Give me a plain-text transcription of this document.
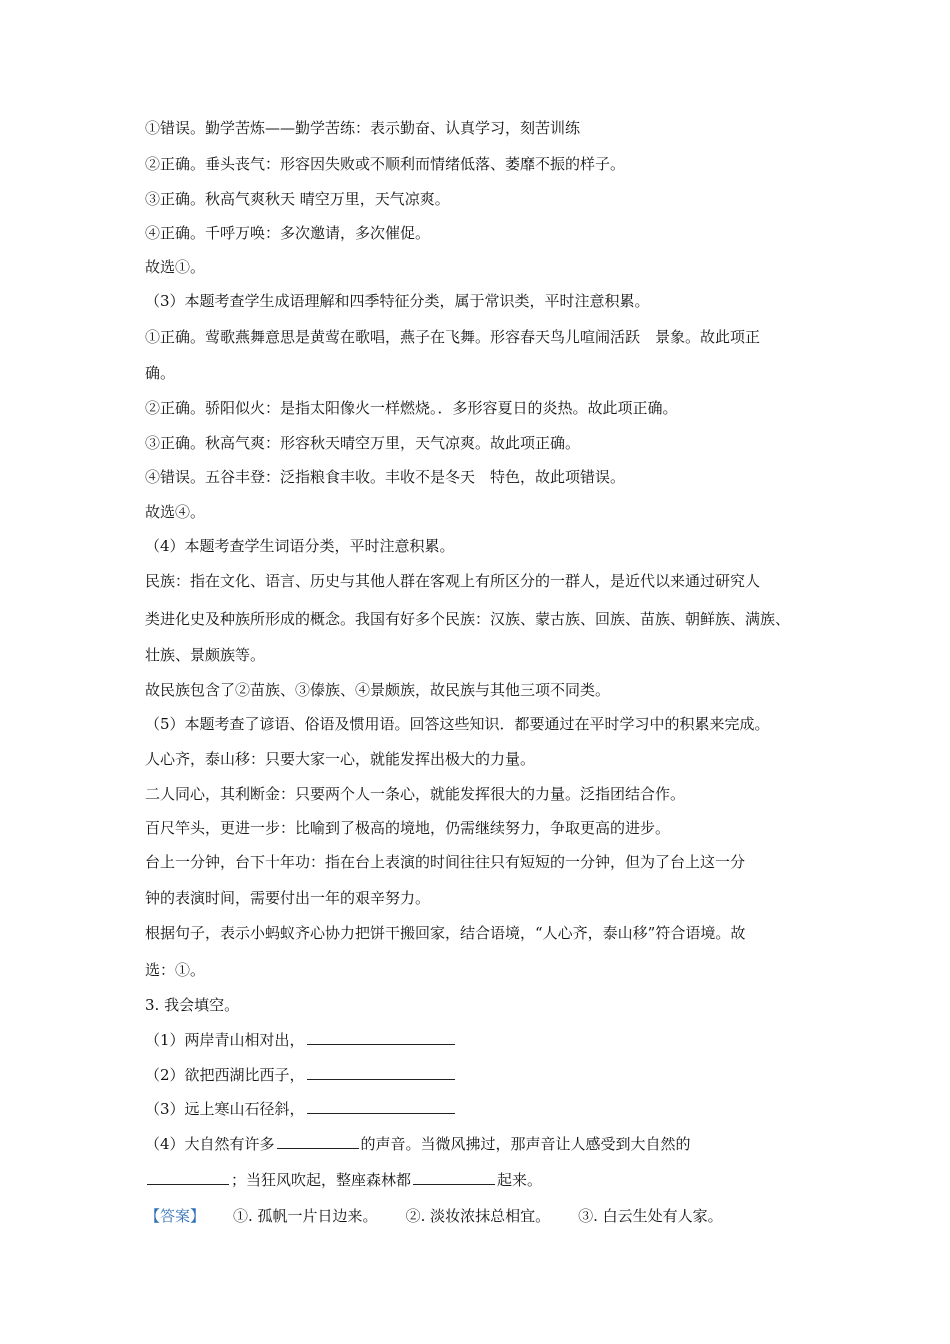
①错误。勤学苦炼——勤学苦练：表示勤奋、认真学习，刻苦训练
②正确。垂头丧气：形容因失败或不顺利而情绪低落、萎靡不振的样子。
③正确。秋高气爽秋天 晴空万里，天气凉爽。
④正确。千呼万唤：多次邀请，多次催促。
故选①。
（3）本题考查学生成语理解和四季特征分类，属于常识类，平时注意积累。
①正确。莺歌燕舞意思是黄莺在歌唱，燕子在飞舞。形容春天鸟儿喧闹活跃　景象。故此项正
确。
②正确。骄阳似火：是指太阳像火一样燃烧。．多形容夏日的炎热。故此项正确。
③正确。秋高气爽：形容秋天晴空万里，天气凉爽。故此项正确。
④错误。五谷丰登：泛指粮食丰收。丰收不是冬天　特色，故此项错误。
故选④。
（4）本题考查学生词语分类，平时注意积累。
民族：指在文化、语言、历史与其他人群在客观上有所区分的一群人，是近代以来通过研究人
类进化史及种族所形成的概念。我国有好多个民族：汉族、蒙古族、回族、苗族、朝鲜族、满族、
壮族、景颇族等。
故民族包含了②苗族、③傣族、④景颇族，故民族与其他三项不同类。
（5）本题考查了谚语、俗语及惯用语。回答这些知识．都要通过在平时学习中的积累来完成。
人心齐，泰山移：只要大家一心，就能发挥出极大的力量。
二人同心，其利断金：只要两个人一条心，就能发挥很大的力量。泛指团结合作。
百尺竿头，更进一步：比喻到了极高的境地，仍需继续努力，争取更高的进步。
台上一分钟，台下十年功：指在台上表演的时间往往只有短短的一分钟，但为了台上这一分
钟的表演时间，需要付出一年的艰辛努力。
根据句子，表示小蚂蚁齐心协力把饼干搬回家，结合语境，“人心齐，泰山移”符合语境。故
选：①。
3. 我会填空。
（1）两岸青山相对出，
（2）欲把西湖比西子，
（3）远上寒山石径斜，
（4）大自然有许多	的声音。当微风拂过，那声音让人感受到大自然的
；当狂风吹起，整座森林都	起来。
【答案】 ①. 孤帆一片日边来。 ②. 淡妆浓抹总相宜。 ③. 白云生处有人家。
